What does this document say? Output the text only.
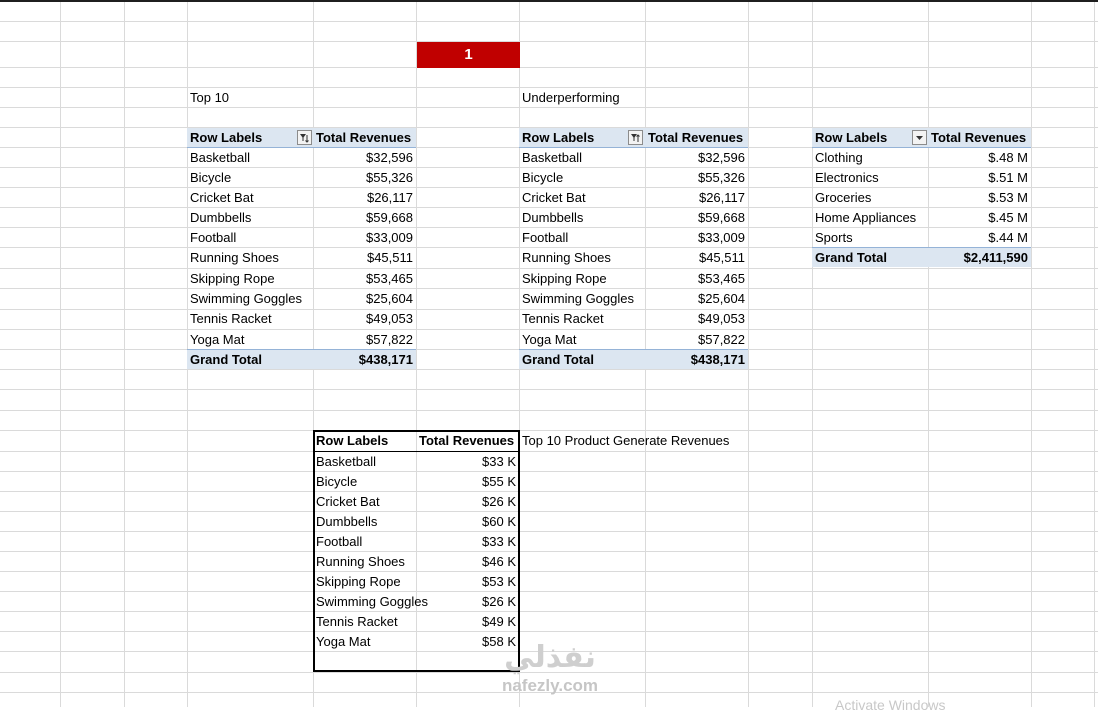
1
Top 10	Underperforming
Top 10 Product Generate Revenues
Row Labels	Total Revenues
Basketball	$32,596
Bicycle	$55,326
Cricket Bat	$26,117
Dumbbells	$59,668
Football	$33,009
Running Shoes	$45,511
Skipping Rope	$53,465
Swimming Goggles	$25,604
Tennis Racket	$49,053
Yoga Mat	$57,822
Grand Total	$438,171
Row Labels	Total Revenues
Basketball	$32,596
Bicycle	$55,326
Cricket Bat	$26,117
Dumbbells	$59,668
Football	$33,009
Running Shoes	$45,511
Skipping Rope	$53,465
Swimming Goggles	$25,604
Tennis Racket	$49,053
Yoga Mat	$57,822
Grand Total	$438,171
Row Labels	Total Revenues
Clothing	$.48 M
Electronics	$.51 M
Groceries	$.53 M
Home Appliances	$.45 M
Sports	$.44 M
Grand Total	$2,411,590
Row Labels	Total Revenues
Basketball	$33 K
Bicycle	$55 K
Cricket Bat	$26 K
Dumbbells	$60 K
Football	$33 K
Running Shoes	$46 K
Skipping Rope	$53 K
Swimming Goggles	$26 K
Tennis Racket	$49 K
Yoga Mat	$58 K
نفذلي
nafezly.com
Activate Windows
